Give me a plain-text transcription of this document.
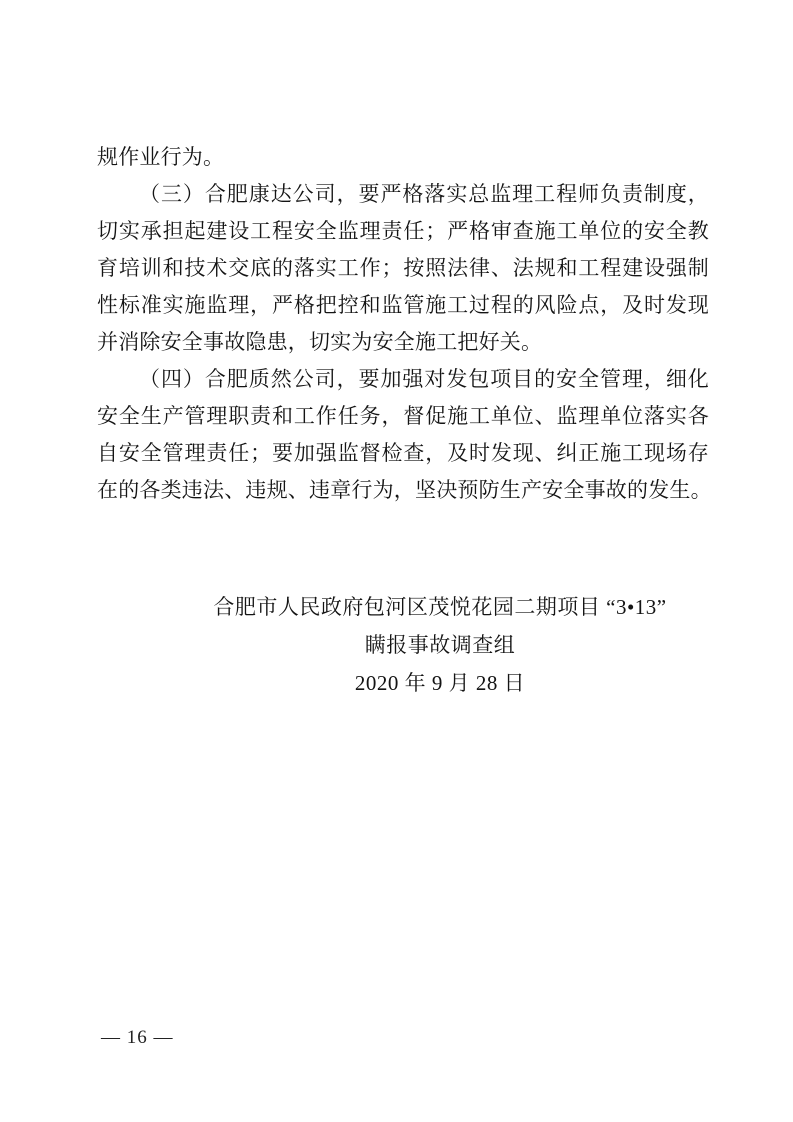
规作业行为。
（三）合肥康达公司，要严格落实总监理工程师负责制度，
切实承担起建设工程安全监理责任；严格审查施工单位的安全教
育培训和技术交底的落实工作；按照法律、法规和工程建设强制
性标准实施监理，严格把控和监管施工过程的风险点，及时发现
并消除安全事故隐患，切实为安全施工把好关。
（四）合肥质然公司，要加强对发包项目的安全管理，细化
安全生产管理职责和工作任务，督促施工单位、监理单位落实各
自安全管理责任；要加强监督检查，及时发现、纠正施工现场存
在的各类违法、违规、违章行为，坚决预防生产安全事故的发生。
合肥市人民政府包河区茂悦花园二期项目 “3•13”
瞒报事故调查组
2020 年 9 月 28 日
— 16 —
